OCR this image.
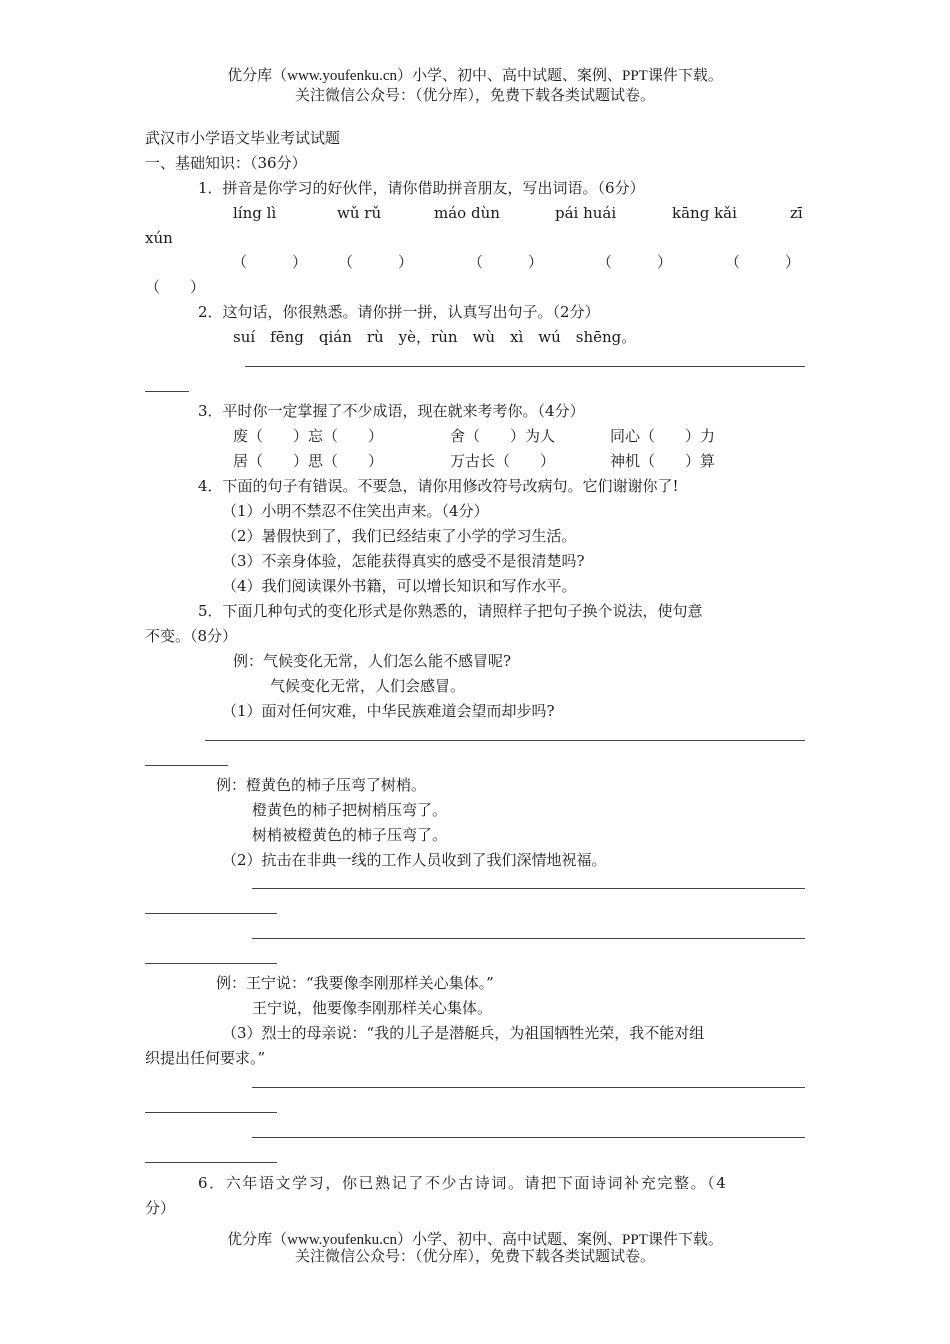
优分库（www.youfenku.cn）小学、初中、高中试题、案例、PPT课件下载。
关注微信公众号：（优分库），免费下载各类试题试卷。
武汉市小学语文毕业考试试题
一、基础知识：（36分）
1．拼音是你学习的好伙伴，请你借助拼音朋友，写出词语。（6分）
líng lì	wǔ rǔ	máo dùn	pái huái	kāng kǎi	zī
xún
（　　　） （　　　）	（　　　）	（　　　）	（　　　）
（　　）
2．这句话，你很熟悉。请你拼一拼，认真写出句子。（2分）
suí　fēng　qián　rù　yè，rùn　wù　xì　wú　shēng。
3．平时你一定掌握了不少成语，现在就来考考你。（4分）
废（　　）忘（　　）	舍（　　）为人	同心（　　）力
居（　　）思（　　）	万古长（　　）	神机（　　）算
4．下面的句子有错误。不要急，请你用修改符号改病句。它们谢谢你了!
（1）小明不禁忍不住笑出声来。（4分）
（2）暑假快到了，我们已经结束了小学的学习生活。
（3）不亲身体验，怎能获得真实的感受不是很清楚吗?
（4）我们阅读课外书籍，可以增长知识和写作水平。
5．下面几种句式的变化形式是你熟悉的，请照样子把句子换个说法，使句意
不变。（8分）
例：气候变化无常，人们怎么能不感冒呢?
气候变化无常，人们会感冒。
（1）面对任何灾难，中华民族难道会望而却步吗?
例：橙黄色的柿子压弯了树梢。
橙黄色的柿子把树梢压弯了。
树梢被橙黄色的柿子压弯了。
（2）抗击在非典一线的工作人员收到了我们深情地祝福。
例：王宁说：“我要像李刚那样关心集体。”
王宁说，他要像李刚那样关心集体。
（3）烈士的母亲说：“我的儿子是潜艇兵，为祖国牺牲光荣，我不能对组
织提出任何要求。”
6．六年语文学习，你已熟记了不少古诗词。请把下面诗词补充完整。（4
分）
优分库（www.youfenku.cn）小学、初中、高中试题、案例、PPT课件下载。
关注微信公众号：（优分库），免费下载各类试题试卷。
